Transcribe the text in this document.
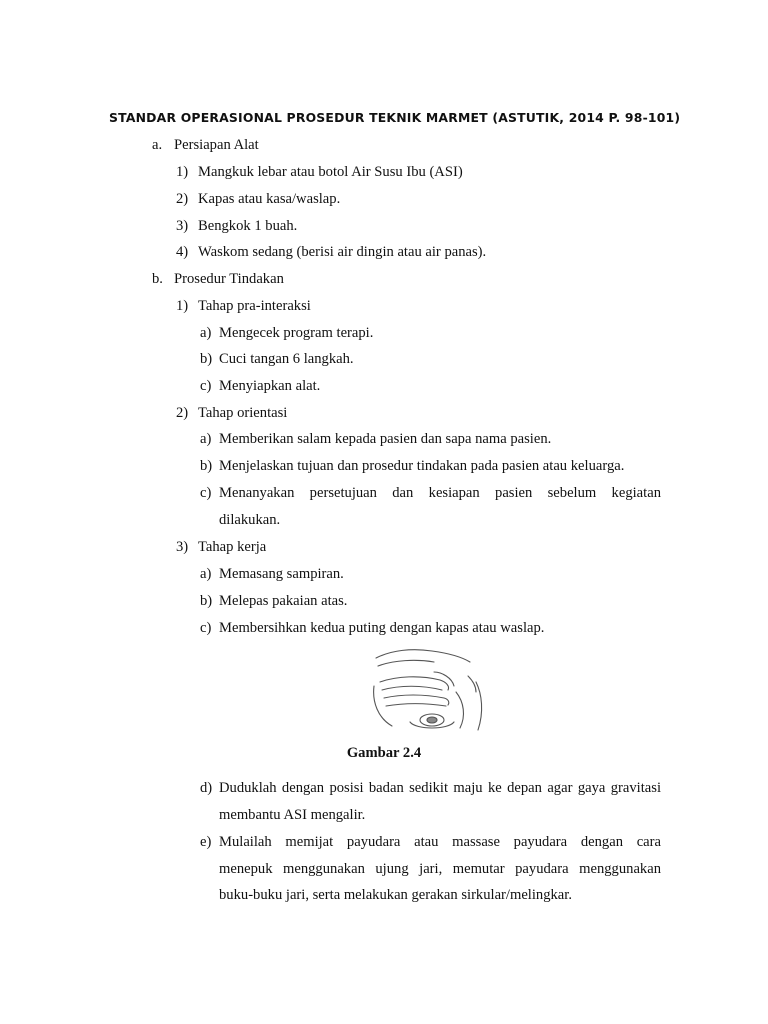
STANDAR OPERASIONAL PROSEDUR TEKNIK MARMET (ASTUTIK, 2014 P. 98-101)
a. Persiapan Alat
1) Mangkuk lebar atau botol Air Susu Ibu (ASI)
2) Kapas atau kasa/waslap.
3) Bengkok 1 buah.
4) Waskom sedang (berisi air dingin atau air panas).
b. Prosedur Tindakan
1) Tahap pra-interaksi
a) Mengecek program terapi.
b) Cuci tangan 6 langkah.
c) Menyiapkan alat.
2) Tahap orientasi
a) Memberikan salam kepada pasien dan sapa nama pasien.
b) Menjelaskan tujuan dan prosedur tindakan pada pasien atau keluarga.
c) Menanyakan persetujuan dan kesiapan pasien sebelum kegiatan
dilakukan.
3) Tahap kerja
a) Memasang sampiran.
b) Melepas pakaian atas.
c) Membersihkan kedua puting dengan kapas atau waslap.
Gambar 2.4
d) Duduklah dengan posisi badan sedikit maju ke depan agar gaya gravitasi
membantu ASI mengalir.
e) Mulailah memijat payudara atau massase payudara dengan cara
menepuk menggunakan ujung jari, memutar payudara menggunakan
buku-buku jari, serta melakukan gerakan sirkular/melingkar.
